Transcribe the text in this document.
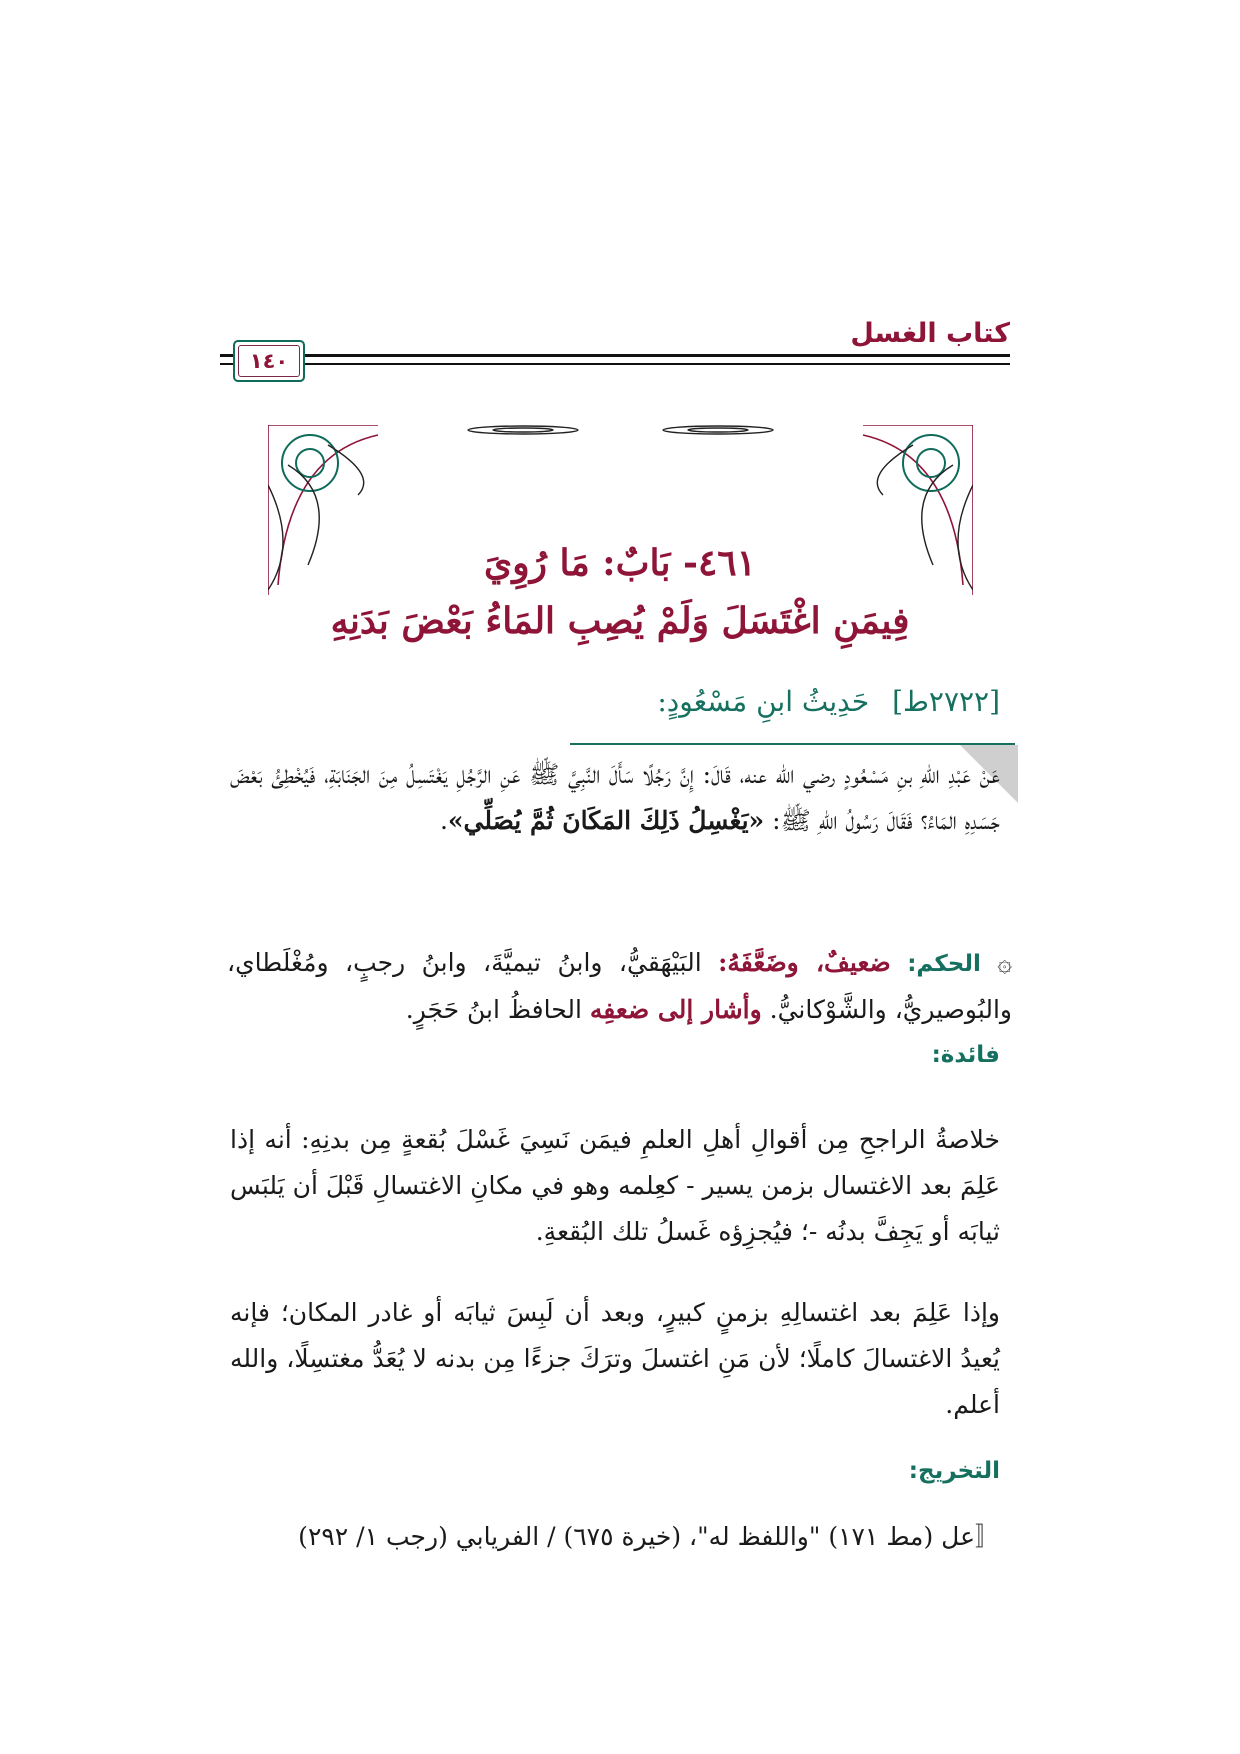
كتاب الغسل
١٤٠
٤٦١- بَابٌ: مَا رُوِيَ
فِيمَنِ اغْتَسَلَ وَلَمْ يُصِبِ المَاءُ بَعْضَ بَدَنِهِ
[٢٧٢٢ط] حَدِيثُ ابنِ مَسْعُودٍ:
عَنْ عَبْدِ اللهِ بنِ مَسْعُودٍ رضي الله عنه، قَالَ: إِنَّ رَجُلًا سَأَلَ النَّبِيَّ ﷺ عَنِ الرَّجُلِ يَغْتَسِلُ مِنَ الجَنَابَةِ، فَيُخْطِئُ بَعْضَ جَسَدِهِ المَاءُ؟ فَقَالَ رَسُولُ اللهِ ﷺ: «يَغْسِلُ ذَلِكَ المَكَانَ ثُمَّ يُصَلِّي».
۞ الحكم: ضعيفٌ، وضَعَّفَهُ: البَيْهَقيُّ، وابنُ تيميَّةَ، وابنُ رجبٍ، ومُغْلَطاي، والبُوصيريُّ، والشَّوْكانيُّ. وأشار إلى ضعفِه الحافظُ ابنُ حَجَرٍ.
فائدة:
خلاصةُ الراجحِ مِن أقوالِ أهلِ العلمِ فيمَن نَسِيَ غَسْلَ بُقعةٍ مِن بدنِهِ: أنه إذا عَلِمَ بعد الاغتسال بزمن يسير - كعِلمه وهو في مكانِ الاغتسالِ قَبْلَ أن يَلبَس ثيابَه أو يَجِفَّ بدنُه -؛ فيُجزِؤه غَسلُ تلك البُقعةِ.
وإذا عَلِمَ بعد اغتسالِهِ بزمنٍ كبيرٍ، وبعد أن لَبِسَ ثيابَه أو غادر المكان؛ فإنه يُعيدُ الاغتسالَ كاملًا؛ لأن مَنِ اغتسلَ وترَكَ جزءًا مِن بدنه لا يُعَدُّ مغتسِلًا، والله أعلم.
التخريج:
〚عل (مط ١٧١) "واللفظ له"، (خيرة ٦٧٥) / الفريابي (رجب ١/ ٢٩٢)
